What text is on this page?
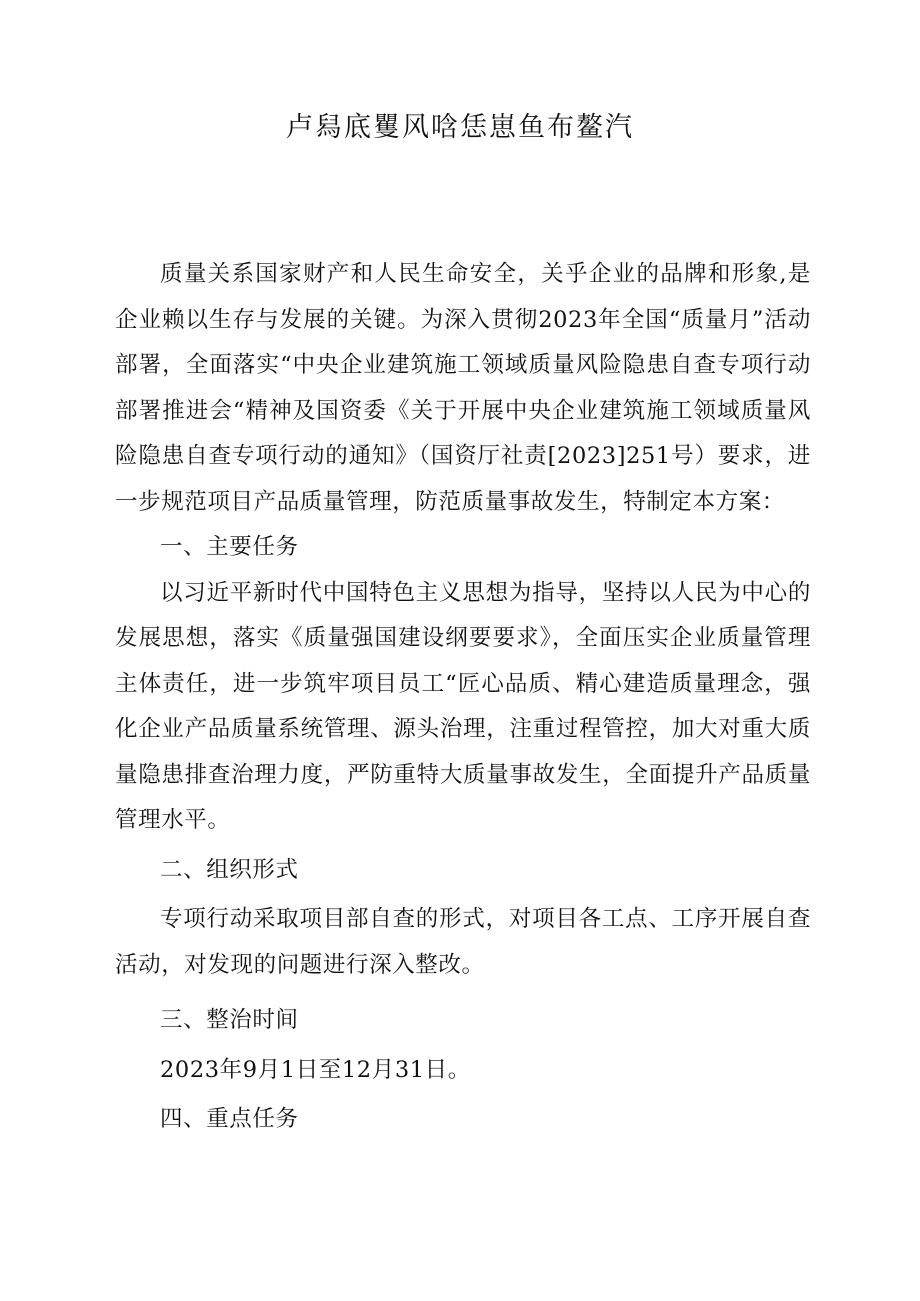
卢舄底矍风唅恁崽鱼布鳌汽

质量关系国家财产和人民生命安全，关乎企业的品牌和形象,是企业赖以生存与发展的关键。为深入贯彻2023年全国“质量月”活动部署，全面落实“中央企业建筑施工领域质量风险隐患自查专项行动部署推进会“精神及国资委《关于开展中央企业建筑施工领域质量风险隐患自查专项行动的通知》（国资厅社责[2023]251号）要求，进一步规范项目产品质量管理，防范质量事故发生，特制定本方案：

一、主要任务

以习近平新时代中国特色主义思想为指导，坚持以人民为中心的发展思想，落实《质量强国建设纲要要求》，全面压实企业质量管理主体责任，进一步筑牢项目员工“匠心品质、精心建造质量理念，强化企业产品质量系统管理、源头治理，注重过程管控，加大对重大质量隐患排查治理力度，严防重特大质量事故发生，全面提升产品质量管理水平。

二、组织形式

专项行动采取项目部自查的形式，对项目各工点、工序开展自查活动，对发现的问题进行深入整改。

三、整治时间

2023年9月1日至12月31日。

四、重点任务
